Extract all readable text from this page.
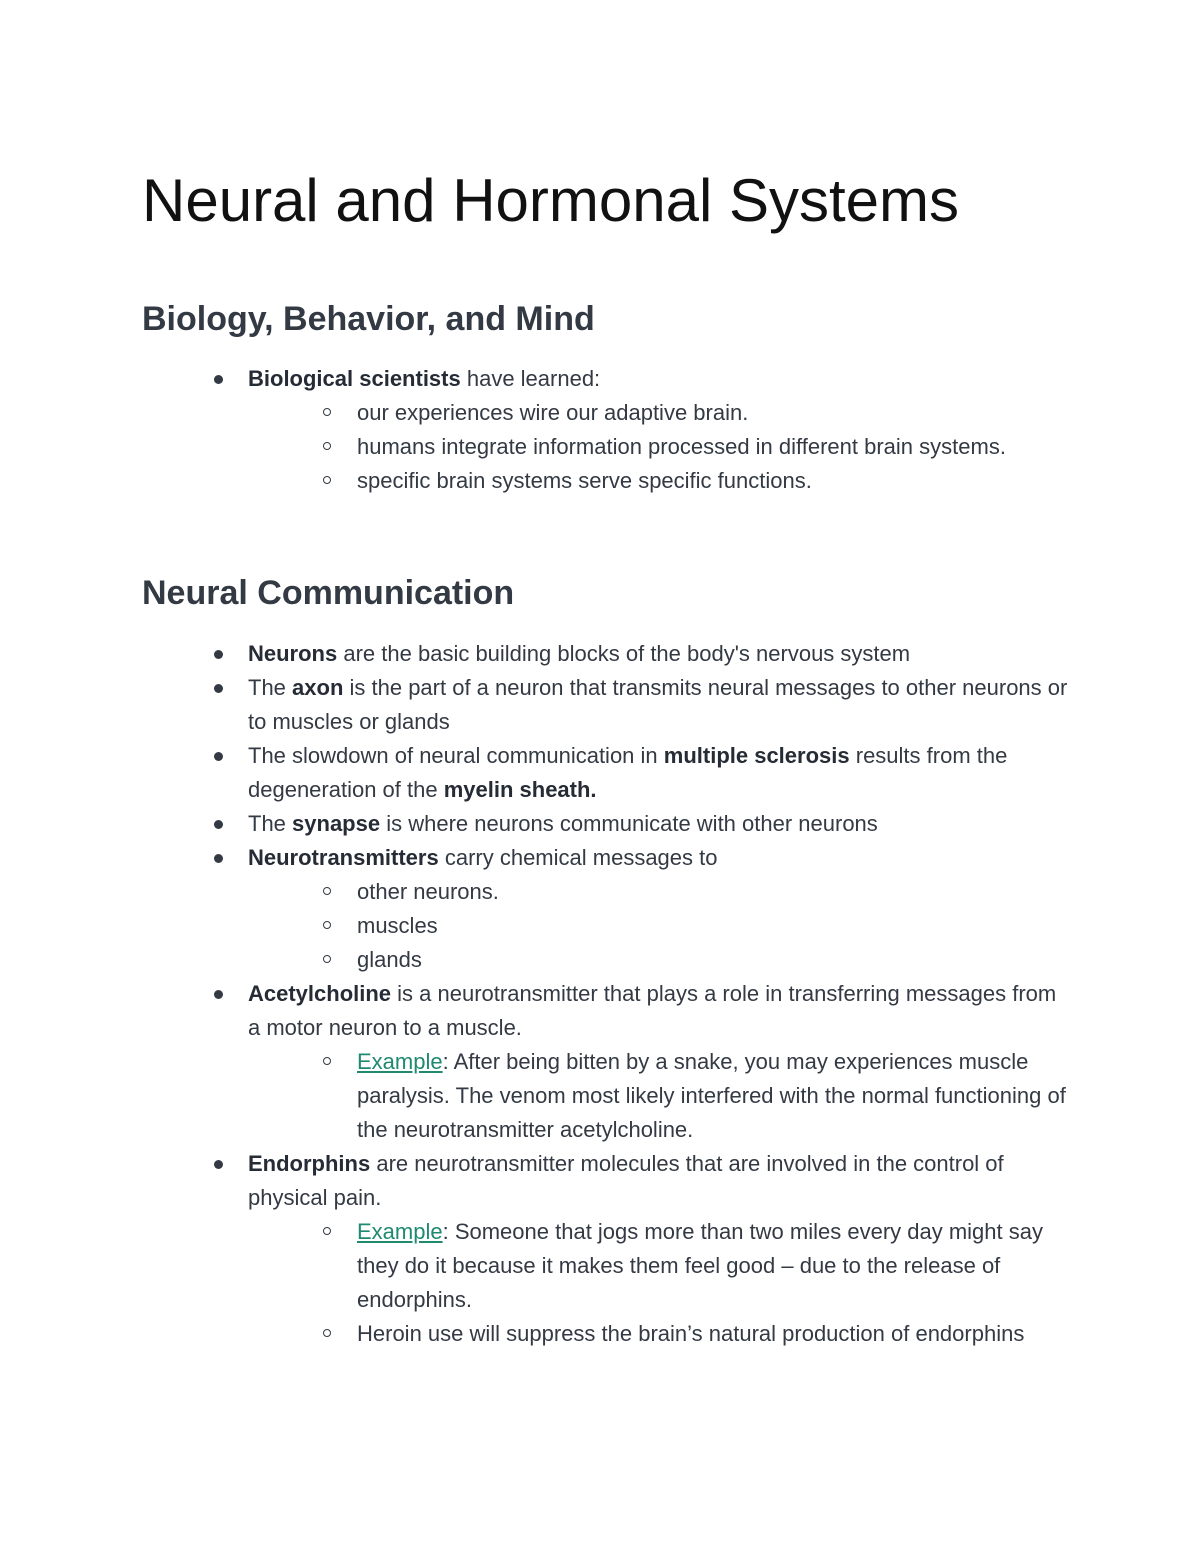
Neural and Hormonal Systems
Biology, Behavior, and Mind
Biological scientists have learned:
our experiences wire our adaptive brain.
humans integrate information processed in different brain systems.
specific brain systems serve specific functions.
Neural Communication
Neurons are the basic building blocks of the body's nervous system
The axon is the part of a neuron that transmits neural messages to other neurons or to muscles or glands
The slowdown of neural communication in multiple sclerosis results from the degeneration of the myelin sheath.
The synapse is where neurons communicate with other neurons
Neurotransmitters carry chemical messages to
other neurons.
muscles
glands
Acetylcholine is a neurotransmitter that plays a role in transferring messages from a motor neuron to a muscle.
Example: After being bitten by a snake, you may experiences muscle paralysis. The venom most likely interfered with the normal functioning of the neurotransmitter acetylcholine.
Endorphins are neurotransmitter molecules that are involved in the control of physical pain.
Example: Someone that jogs more than two miles every day might say they do it because it makes them feel good – due to the release of endorphins.
Heroin use will suppress the brain’s natural production of endorphins
